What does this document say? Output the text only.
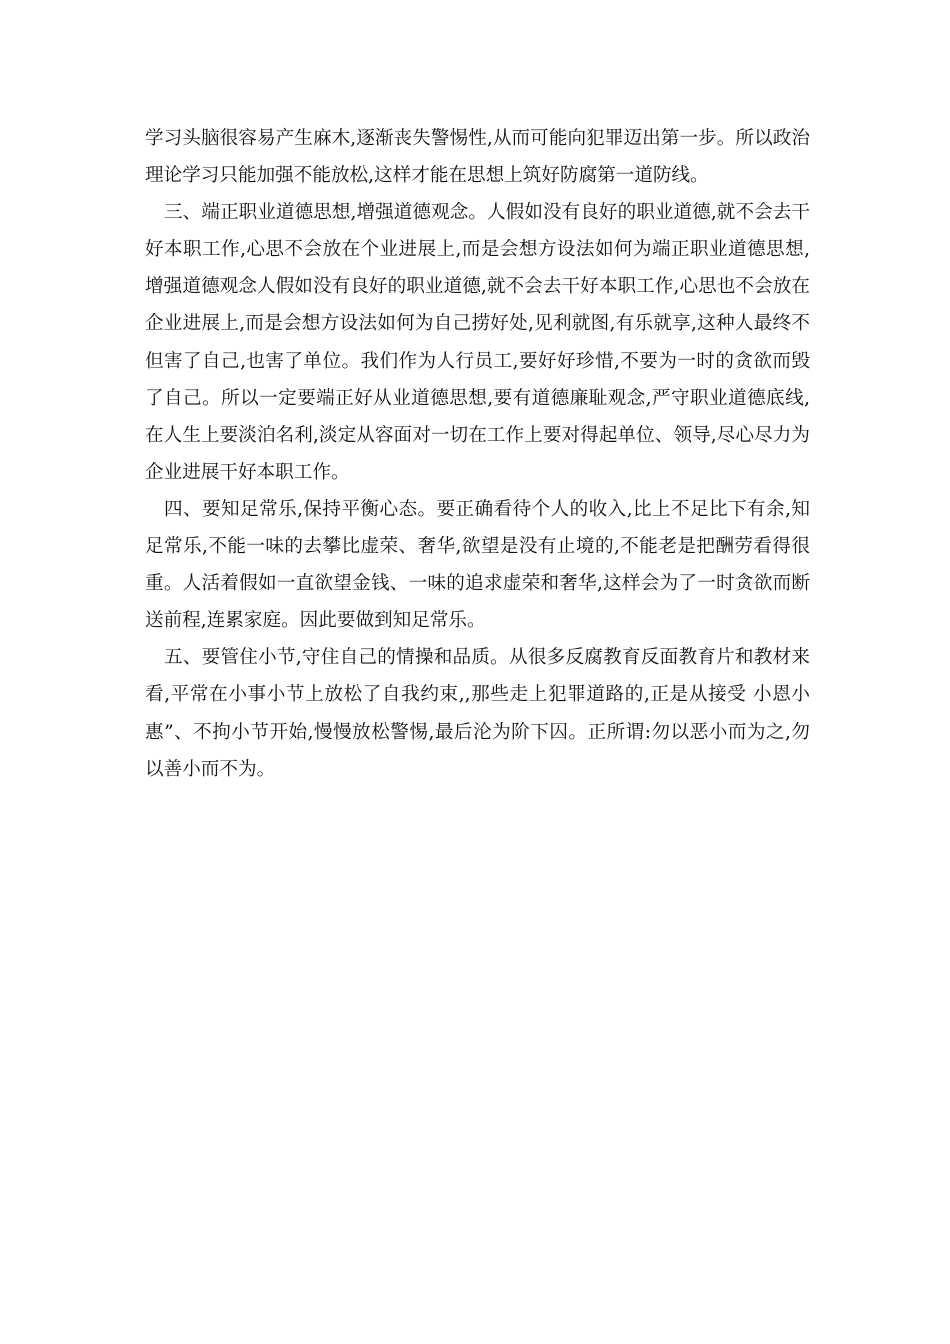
学习头脑很容易产生麻木,逐渐丧失警惕性,从而可能向犯罪迈出第一步。所以政治理论学习只能加强不能放松,这样才能在思想上筑好防腐第一道防线。

三、端正职业道德思想,增强道德观念。人假如没有良好的职业道德,就不会去干好本职工作,心思不会放在个业进展上,而是会想方设法如何为端正职业道德思想,增强道德观念人假如没有良好的职业道德,就不会去干好本职工作,心思也不会放在企业进展上,而是会想方设法如何为自己捞好处,见利就图,有乐就享,这种人最终不但害了自己,也害了单位。我们作为人行员工,要好好珍惜,不要为一时的贪欲而毁了自己。所以一定要端正好从业道德思想,要有道德廉耻观念,严守职业道德底线,在人生上要淡泊名利,淡定从容面对一切在工作上要对得起单位、领导,尽心尽力为企业进展干好本职工作。

四、要知足常乐,保持平衡心态。要正确看待个人的收入,比上不足比下有余,知足常乐,不能一味的去攀比虚荣、奢华,欲望是没有止境的,不能老是把酬劳看得很重。人活着假如一直欲望金钱、一味的追求虚荣和奢华,这样会为了一时贪欲而断送前程,连累家庭。因此要做到知足常乐。

五、要管住小节,守住自己的情操和品质。从很多反腐教育反面教育片和教材来看,平常在小事小节上放松了自我约束,,那些走上犯罪道路的,正是从接受 小恩小惠”、不拘小节开始,慢慢放松警惕,最后沦为阶下囚。正所谓:勿以恶小而为之,勿以善小而不为。
